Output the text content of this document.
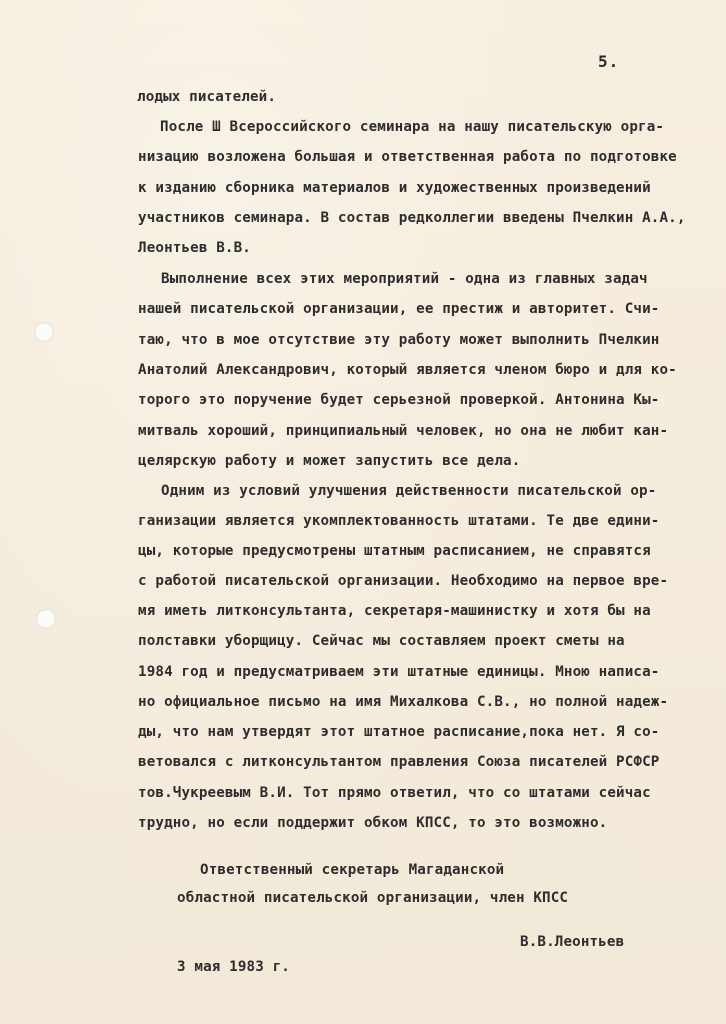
5.
лодых писателей.
После Ш Всероссийского семинара на нашу писательскую орга-
низацию возложена большая и ответственная работа по подготовке
к изданию сборника материалов и художественных произведений
участников семинара. В состав редколлегии введены Пчелкин А.А.,
Леонтьев В.В.
Выполнение всех этих мероприятий - одна из главных задач
нашей писательской организации, ее престиж и авторитет. Счи-
таю, что в мое отсутствие эту работу может выполнить Пчелкин
Анатолий Александрович, который является членом бюро и для ко-
торого это поручение будет серьезной проверкой. Антонина Кы-
митваль хороший, принципиальный человек, но она не любит кан-
целярскую работу и может запустить все дела.
Одним из условий улучшения действенности писательской ор-
ганизации является укомплектованность штатами. Те две едини-
цы, которые предусмотрены штатным расписанием, не справятся
с работой писательской организации. Необходимо на первое вре-
мя иметь литконсультанта, секретаря-машинистку и хотя бы на
полставки уборщицу. Сейчас мы составляем проект сметы на
1984 год и предусматриваем эти штатные единицы. Мною написа-
но официальное письмо на имя Михалкова С.В., но полной надеж-
ды, что нам утвердят этот штатное расписание,пока нет. Я со-
ветовался с литконсультантом правления Союза писателей РСФСР
тов.Чукреевым В.И. Тот прямо ответил, что со штатами сейчас
трудно, но если поддержит обком КПСС, то это возможно.
Ответственный секретарь Магаданской
областной писательской организации, член КПСС
В.В.Леонтьев
3 мая 1983 г.
